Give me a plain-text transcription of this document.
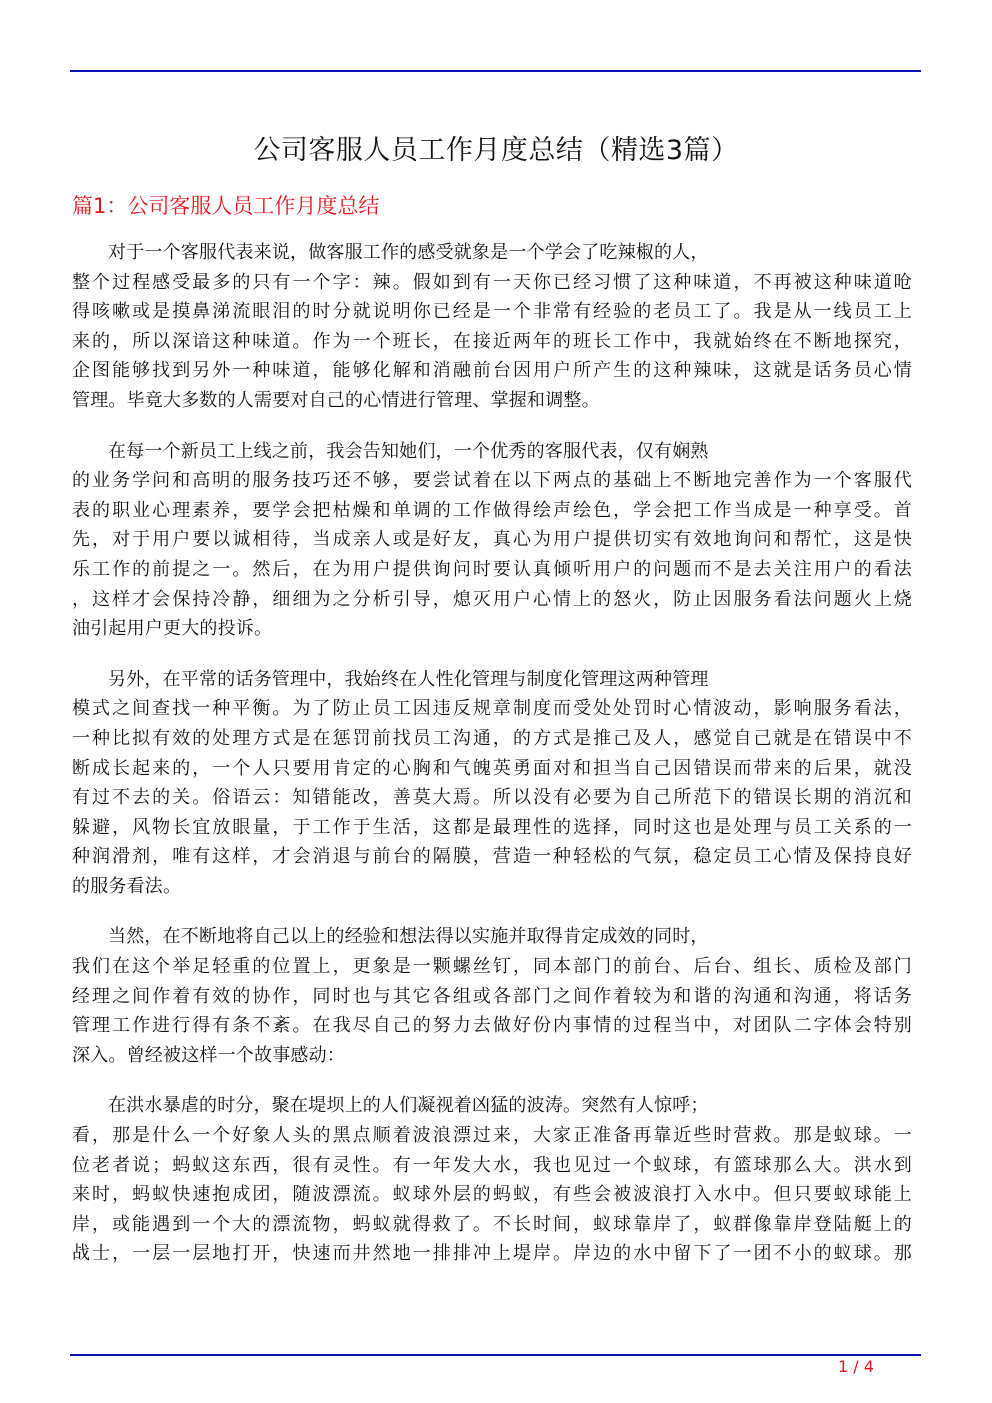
公司客服人员工作月度总结（精选3篇）
篇1：公司客服人员工作月度总结
对于一个客服代表来说，做客服工作的感受就象是一个学会了吃辣椒的人，
整个过程感受最多的只有一个字：辣。假如到有一天你已经习惯了这种味道，不再被这种味道呛
得咳嗽或是摸鼻涕流眼泪的时分就说明你已经是一个非常有经验的老员工了。我是从一线员工上
来的，所以深谙这种味道。作为一个班长，在接近两年的班长工作中，我就始终在不断地探究，
企图能够找到另外一种味道，能够化解和消融前台因用户所产生的这种辣味，这就是话务员心情
管理。毕竟大多数的人需要对自己的心情进行管理、掌握和调整。
在每一个新员工上线之前，我会告知她们，一个优秀的客服代表，仅有娴熟
的业务学问和高明的服务技巧还不够，要尝试着在以下两点的基础上不断地完善作为一个客服代
表的职业心理素养，要学会把枯燥和单调的工作做得绘声绘色，学会把工作当成是一种享受。首
先，对于用户要以诚相待，当成亲人或是好友，真心为用户提供切实有效地询问和帮忙，这是快
乐工作的前提之一。然后，在为用户提供询问时要认真倾听用户的问题而不是去关注用户的看法
，这样才会保持冷静，细细为之分析引导，熄灭用户心情上的怒火，防止因服务看法问题火上烧
油引起用户更大的投诉。
另外，在平常的话务管理中，我始终在人性化管理与制度化管理这两种管理
模式之间查找一种平衡。为了防止员工因违反规章制度而受处处罚时心情波动，影响服务看法，
一种比拟有效的处理方式是在惩罚前找员工沟通，的方式是推己及人，感觉自己就是在错误中不
断成长起来的，一个人只要用肯定的心胸和气魄英勇面对和担当自己因错误而带来的后果，就没
有过不去的关。俗语云：知错能改，善莫大焉。所以没有必要为自己所范下的错误长期的消沉和
躲避，风物长宜放眼量，于工作于生活，这都是最理性的选择，同时这也是处理与员工关系的一
种润滑剂，唯有这样，才会消退与前台的隔膜，营造一种轻松的气氛，稳定员工心情及保持良好
的服务看法。
当然，在不断地将自己以上的经验和想法得以实施并取得肯定成效的同时，
我们在这个举足轻重的位置上，更象是一颗螺丝钉，同本部门的前台、后台、组长、质检及部门
经理之间作着有效的协作，同时也与其它各组或各部门之间作着较为和谐的沟通和沟通，将话务
管理工作进行得有条不紊。在我尽自己的努力去做好份内事情的过程当中，对团队二字体会特别
深入。曾经被这样一个故事感动：
在洪水暴虐的时分，聚在堤坝上的人们凝视着凶猛的波涛。突然有人惊呼；
看，那是什么一个好象人头的黑点顺着波浪漂过来，大家正准备再靠近些时营救。那是蚁球。一
位老者说；蚂蚁这东西，很有灵性。有一年发大水，我也见过一个蚁球，有篮球那么大。洪水到
来时，蚂蚁快速抱成团，随波漂流。蚁球外层的蚂蚁，有些会被波浪打入水中。但只要蚁球能上
岸，或能遇到一个大的漂流物，蚂蚁就得救了。不长时间，蚁球靠岸了，蚁群像靠岸登陆艇上的
战士，一层一层地打开，快速而井然地一排排冲上堤岸。岸边的水中留下了一团不小的蚁球。那
1 / 4
